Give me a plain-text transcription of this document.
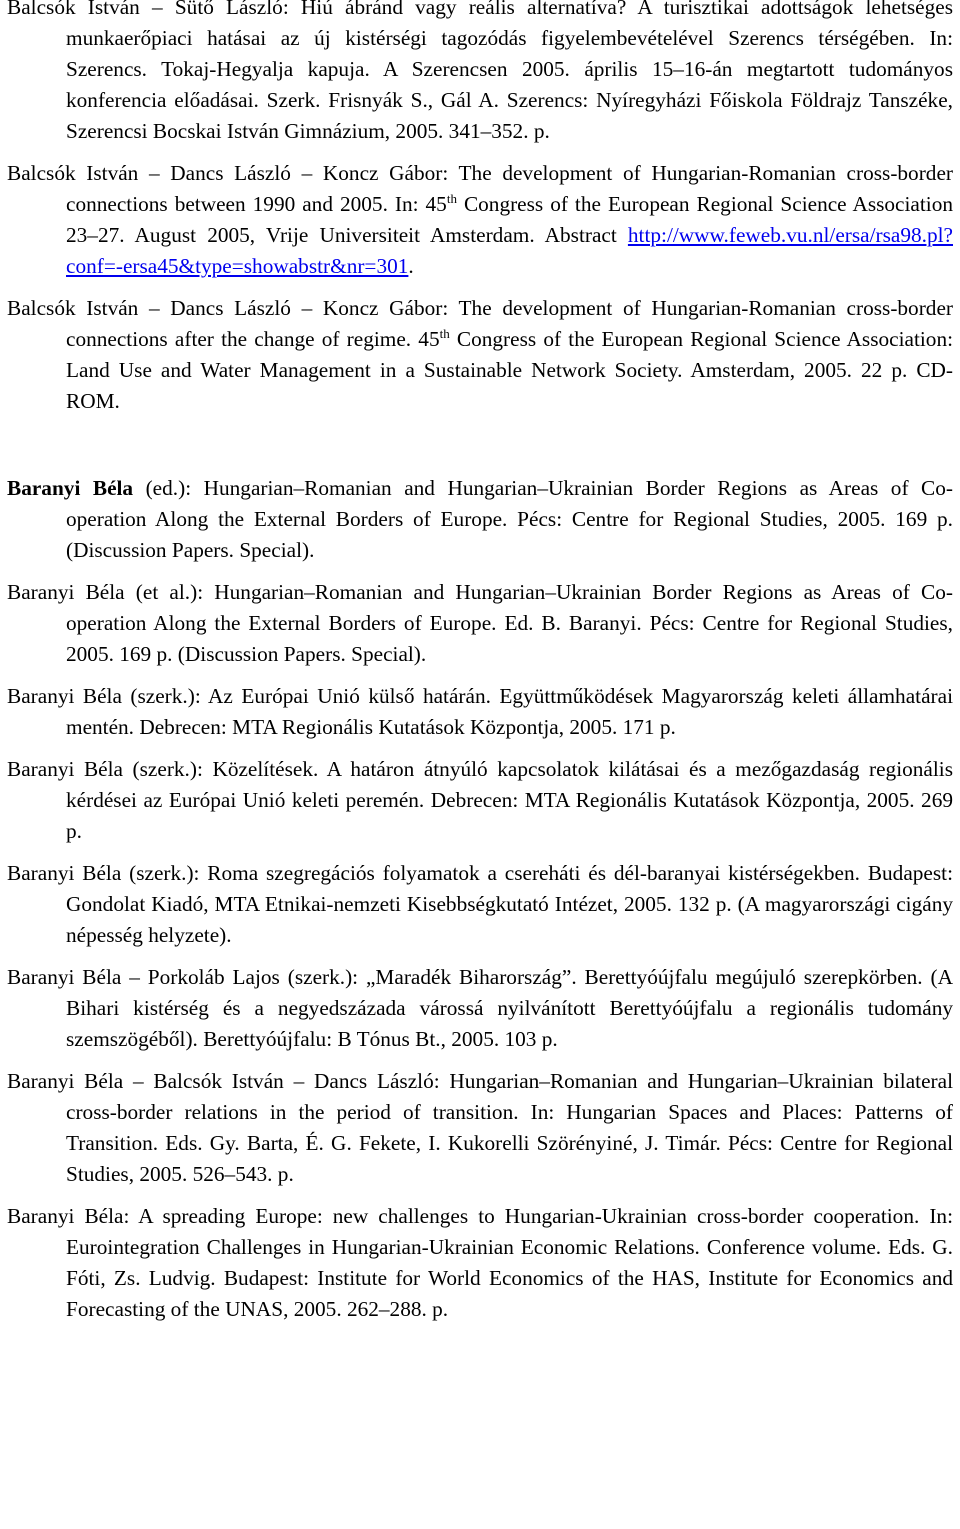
Balcsók István – Sütő László: Hiú ábránd vagy reális alternatíva? A turisztikai adottságok lehetséges munkaerőpiaci hatásai az új kistérségi tagozódás figyelembevételével Szerencs térségében. In: Szerencs. Tokaj-Hegyalja kapuja. A Szerencsen 2005. április 15–16-án megtartott tudományos konferencia előadásai. Szerk. Frisnyák S., Gál A. Szerencs: Nyíregyházi Főiskola Földrajz Tanszéke, Szerencsi Bocskai István Gimnázium, 2005. 341–352. p.

Balcsók István – Dancs László – Koncz Gábor: The development of Hungarian-Romanian cross-border connections between 1990 and 2005. In: 45th Congress of the European Regional Science Association 23–27. August 2005, Vrije Universiteit Amsterdam. Abstract http://www.feweb.vu.nl/ersa/rsa98.pl?conf=-ersa45&type=showabstr&nr=301.

Balcsók István – Dancs László – Koncz Gábor: The development of Hungarian-Romanian cross-border connections after the change of regime. 45th Congress of the European Regional Science Association: Land Use and Water Management in a Sustainable Network Society. Amsterdam, 2005. 22 p. CD-ROM.

Baranyi Béla (ed.): Hungarian–Romanian and Hungarian–Ukrainian Border Regions as Areas of Co-operation Along the External Borders of Europe. Pécs: Centre for Regional Studies, 2005. 169 p. (Discussion Papers. Special).

Baranyi Béla (et al.): Hungarian–Romanian and Hungarian–Ukrainian Border Regions as Areas of Co-operation Along the External Borders of Europe. Ed. B. Baranyi. Pécs: Centre for Regional Studies, 2005. 169 p. (Discussion Papers. Special).

Baranyi Béla (szerk.): Az Európai Unió külső határán. Együttműködések Magyarország keleti államhatárai mentén. Debrecen: MTA Regionális Kutatások Központja, 2005. 171 p.

Baranyi Béla (szerk.): Közelítések. A határon átnyúló kapcsolatok kilátásai és a mezőgazdaság regionális kérdései az Európai Unió keleti peremén. Debrecen: MTA Regionális Kutatások Központja, 2005. 269 p.

Baranyi Béla (szerk.): Roma szegregációs folyamatok a csereháti és dél-baranyai kistérségekben. Budapest: Gondolat Kiadó, MTA Etnikai-nemzeti Kisebbségkutató Intézet, 2005. 132 p. (A magyarországi cigány népesség helyzete).

Baranyi Béla – Porkoláb Lajos (szerk.): „Maradék Biharország”. Berettyóújfalu megújuló szerepkörben. (A Bihari kistérség és a negyedszázada várossá nyilvánított Berettyóújfalu a regionális tudomány szemszögéből). Berettyóújfalu: B Tónus Bt., 2005. 103 p.

Baranyi Béla – Balcsók István – Dancs László: Hungarian–Romanian and Hungarian–Ukrainian bilateral cross-border relations in the period of transition. In: Hungarian Spaces and Places: Patterns of Transition. Eds. Gy. Barta, É. G. Fekete, I. Kukorelli Szörényiné, J. Timár. Pécs: Centre for Regional Studies, 2005. 526–543. p.

Baranyi Béla: A spreading Europe: new challenges to Hungarian-Ukrainian cross-border cooperation. In: Eurointegration Challenges in Hungarian-Ukrainian Economic Relations. Conference volume. Eds. G. Fóti, Zs. Ludvig. Budapest: Institute for World Economics of the HAS, Institute for Economics and Forecasting of the UNAS, 2005. 262–288. p.
